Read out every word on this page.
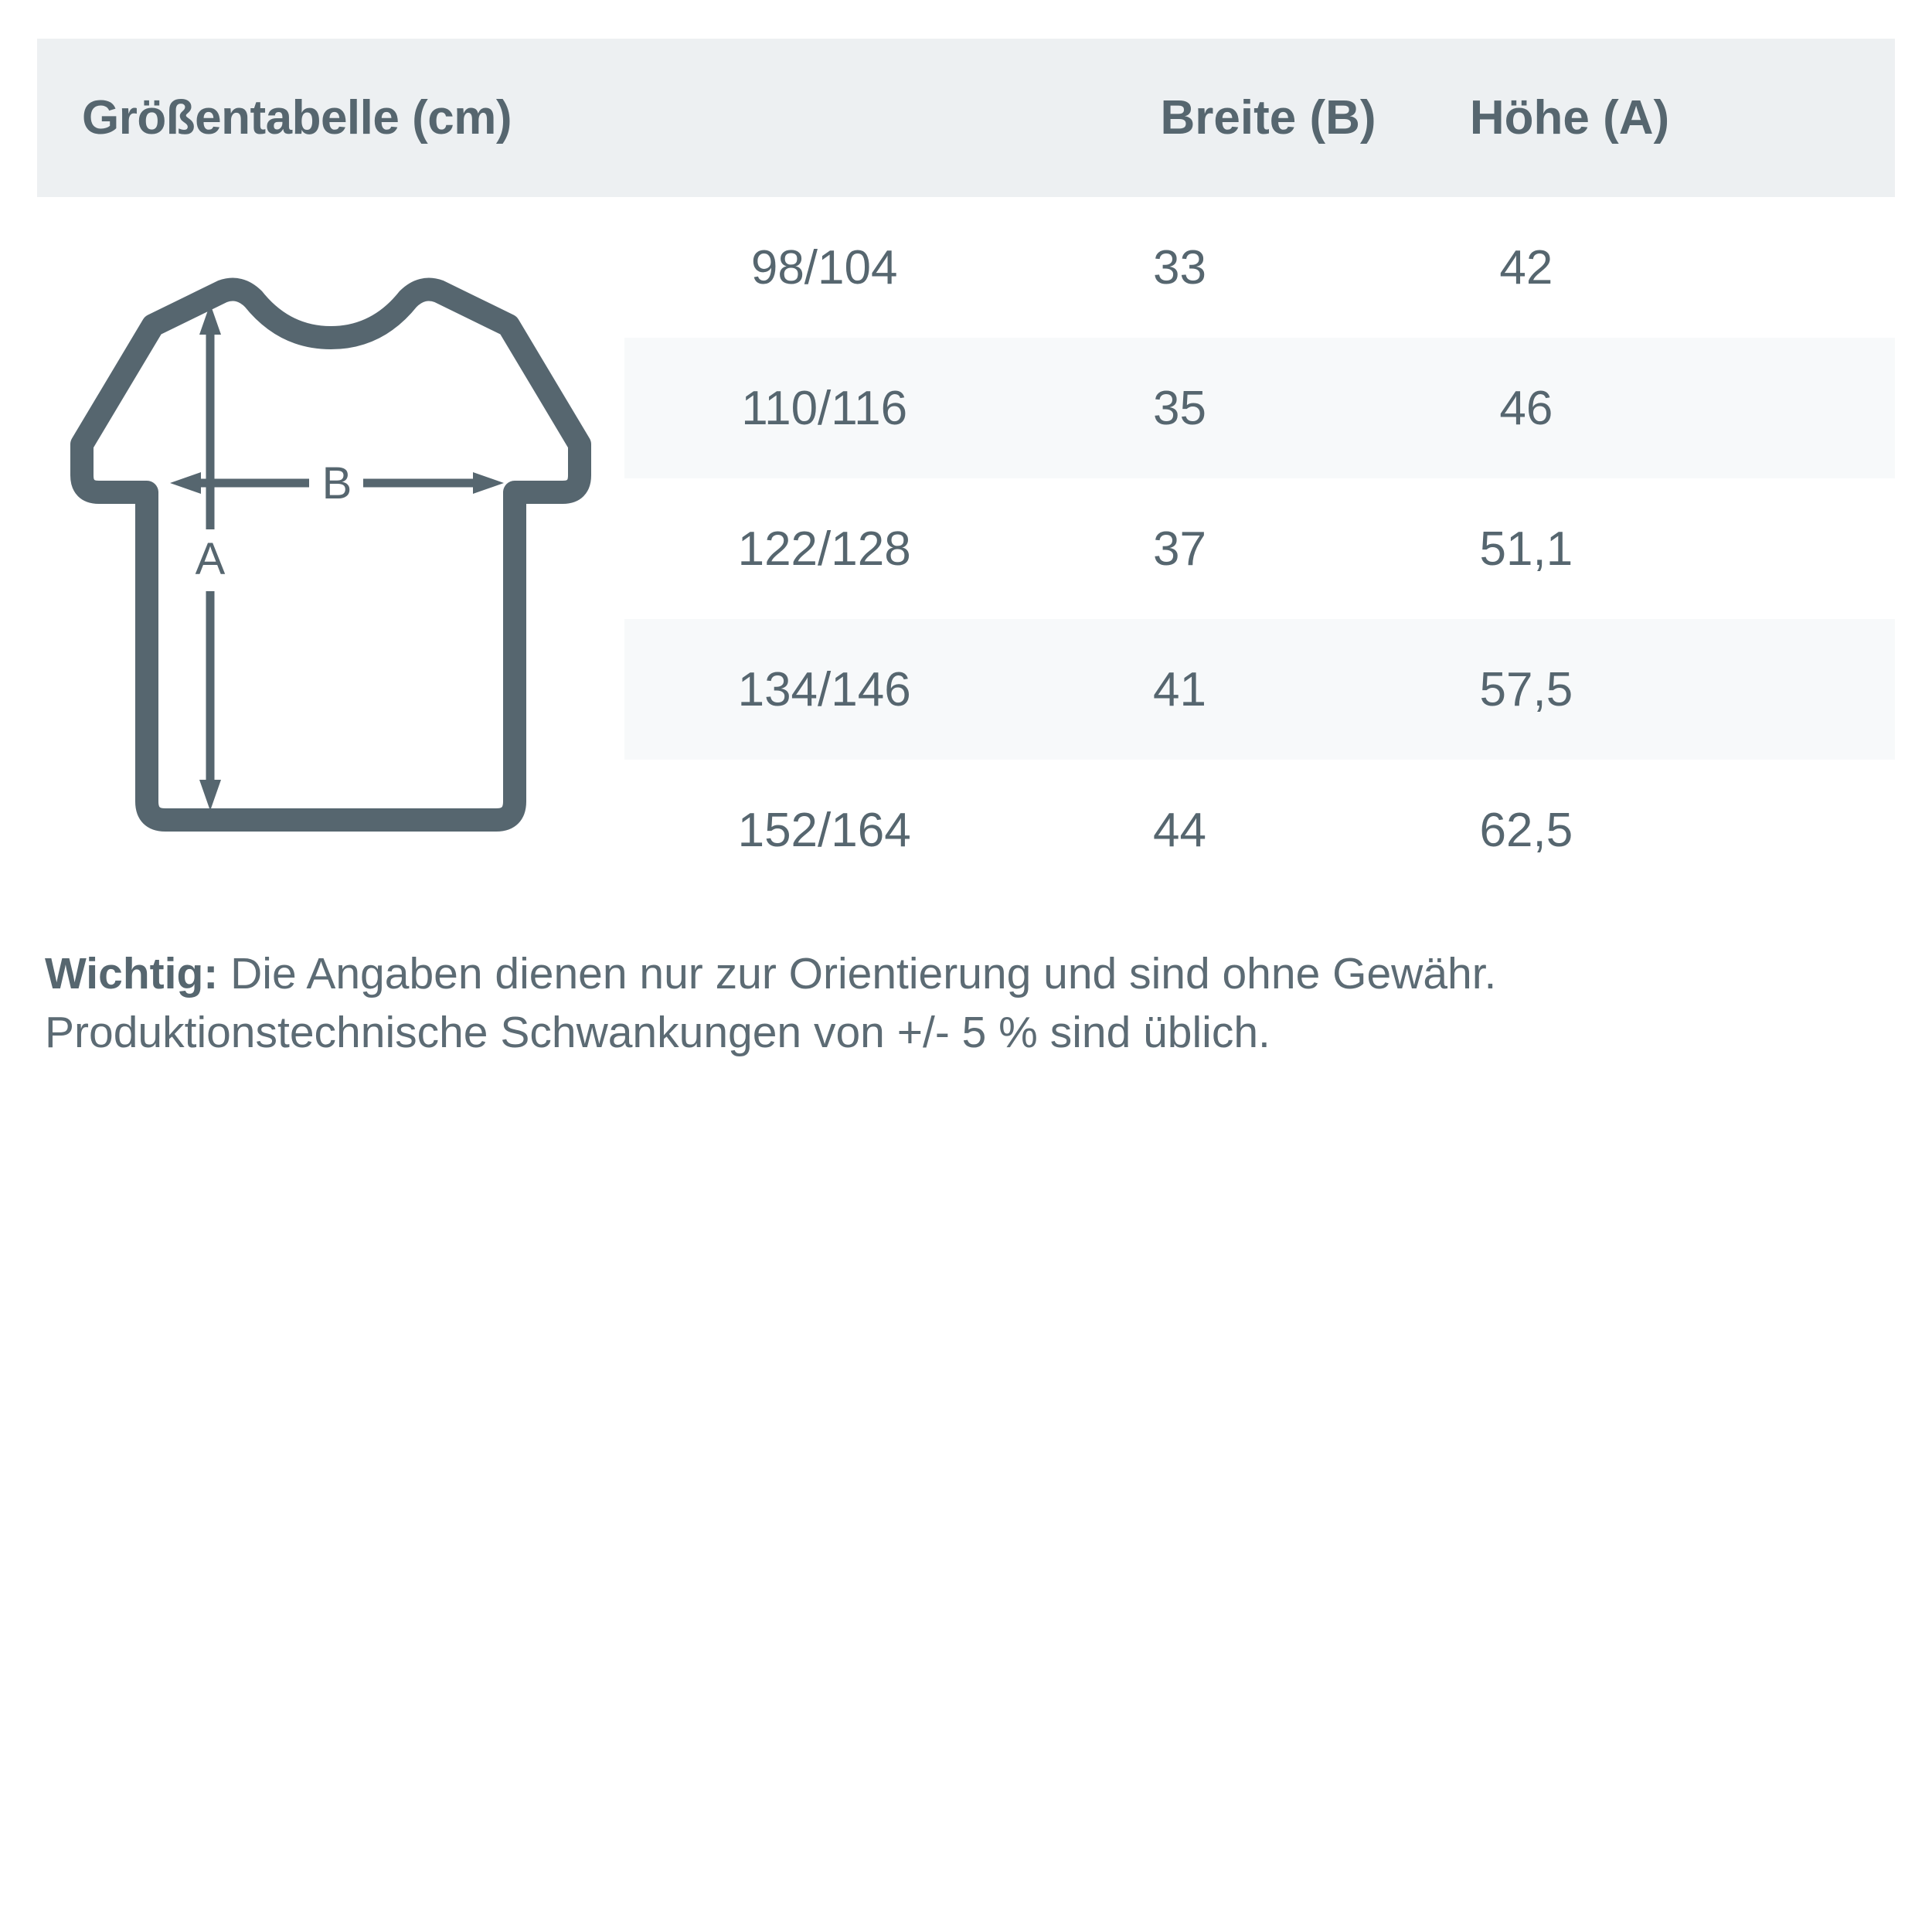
Größentabelle (cm)	Breite (B)	Höhe (A)
A
B
98/104	33	42	
110/116	35	46	
122/128	37	51,1	
134/146	41	57,5	
152/164	44	62,5	
Wichtig: Die Angaben dienen nur zur Orientierung und sind ohne Gewähr. Produktionstechnische Schwankungen von +/- 5 % sind üblich.
